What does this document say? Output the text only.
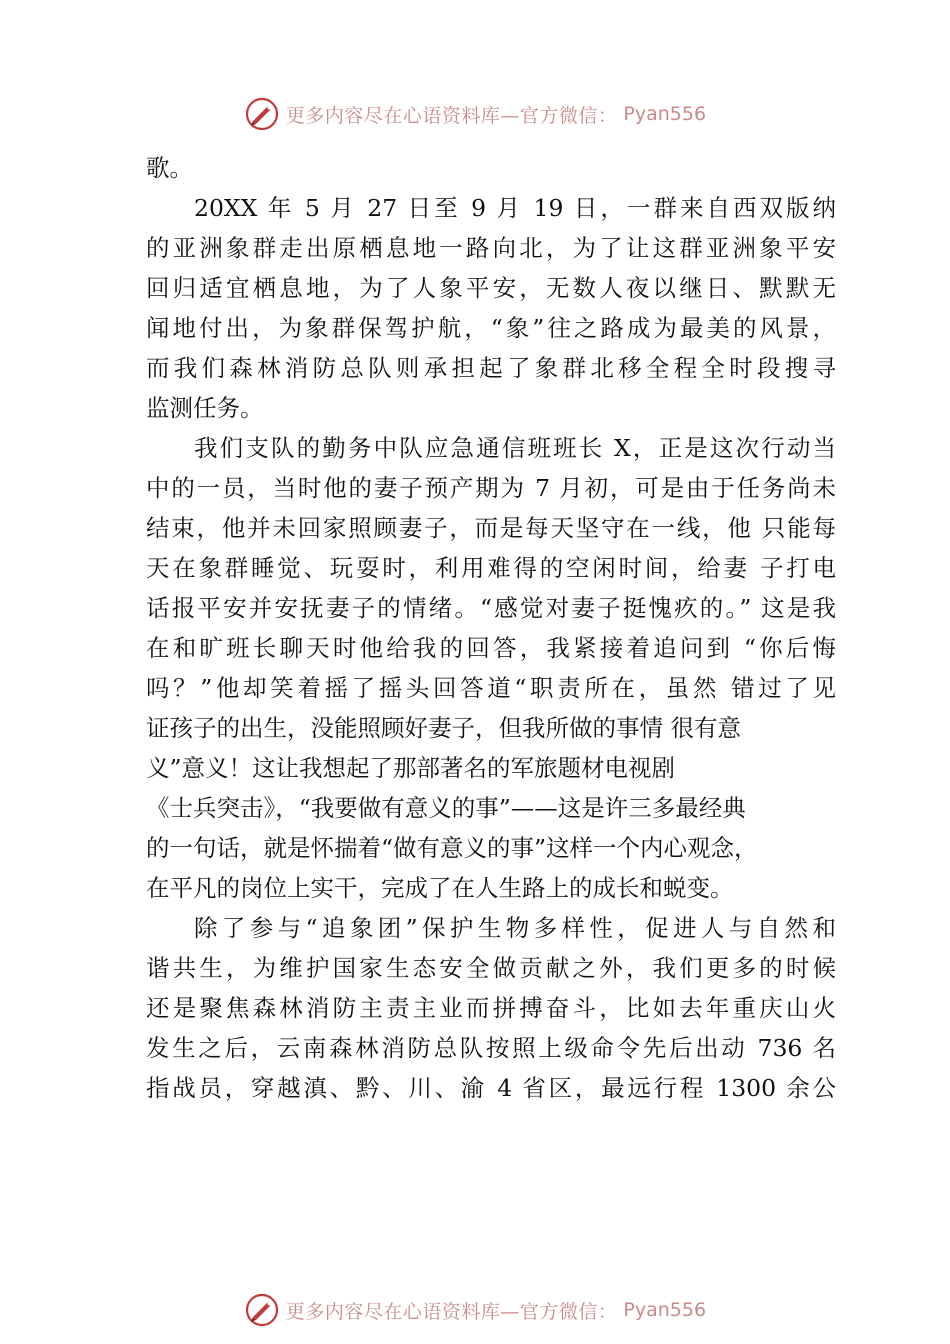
更多内容尽在心语资料库—官方微信： Pyan556
歌。
20XX 年 5 月 27 日至 9 月 19 日，一群来自西双版纳
的亚洲象群走出原栖息地一路向北，为了让这群亚洲象平安
回归适宜栖息地，为了人象平安，无数人夜以继日、默默无
闻地付出，为象群保驾护航，“象”往之路成为最美的风景，
而我们森林消防总队则承担起了象群北移全程全时段搜寻
监测任务。
我们支队的勤务中队应急通信班班长 X，正是这次行动当
中的一员，当时他的妻子预产期为 7 月初，可是由于任务尚未
结束，他并未回家照顾妻子，而是每天坚守在一线，他 只能每
天在象群睡觉、玩耍时，利用难得的空闲时间，给妻 子打电
话报平安并安抚妻子的情绪。“感觉对妻子挺愧疚的。” 这是我
在和旷班长聊天时他给我的回答，我紧接着追问到 “你后悔
吗？”他却笑着摇了摇头回答道“职责所在，虽然 错过了见
证孩子的出生，没能照顾好妻子，但我所做的事情 很有意
义”意义！这让我想起了那部著名的军旅题材电视剧
《士兵突击》，“我要做有意义的事”——这是许三多最经典
的一句话，就是怀揣着“做有意义的事”这样一个内心观念，
在平凡的岗位上实干，完成了在人生路上的成长和蜕变。
除了参与“追象团”保护生物多样性，促进人与自然和
谐共生，为维护国家生态安全做贡献之外，我们更多的时候
还是聚焦森林消防主责主业而拼搏奋斗，比如去年重庆山火
发生之后，云南森林消防总队按照上级命令先后出动 736 名
指战员，穿越滇、黔、川、渝 4 省区，最远行程 1300 余公
更多内容尽在心语资料库—官方微信： Pyan556
